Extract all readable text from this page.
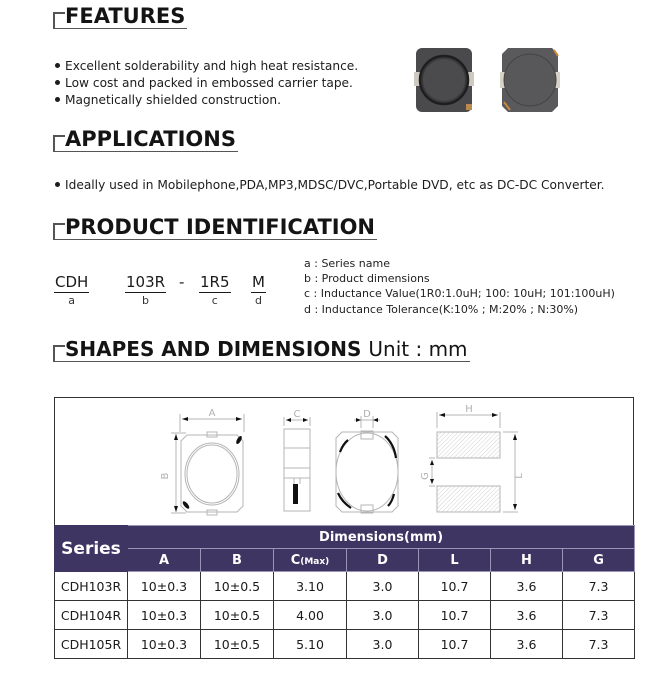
FEATURES
Excellent solderability and high heat resistance.
Low cost and packed in embossed carrier tape.
Magnetically shielded construction.
APPLICATIONS
Ideally used in Mobilephone,PDA,MP3,MDSC/DVC,Portable DVD, etc as DC-DC Converter.
PRODUCT IDENTIFICATION
CDH
a
103R
b
- 1R5
c
M
d
a : Series name
b : Product dimensions
c : Inductance Value(1R0:1.0uH; 100: 10uH; 101:100uH)
d : Inductance Tolerance(K:10% ; M:20% ; N:30%)
SHAPES AND DIMENSIONS Unit : mm
A	C	D	H
B	G	L
Series	Dimensions(mm)						
	A	B	C(Max)	D	L	H	G
CDH103R	10±0.3	10±0.5	3.10	3.0	10.7	3.6	7.3
CDH104R	10±0.3	10±0.5	4.00	3.0	10.7	3.6	7.3
CDH105R	10±0.3	10±0.5	5.10	3.0	10.7	3.6	7.3
